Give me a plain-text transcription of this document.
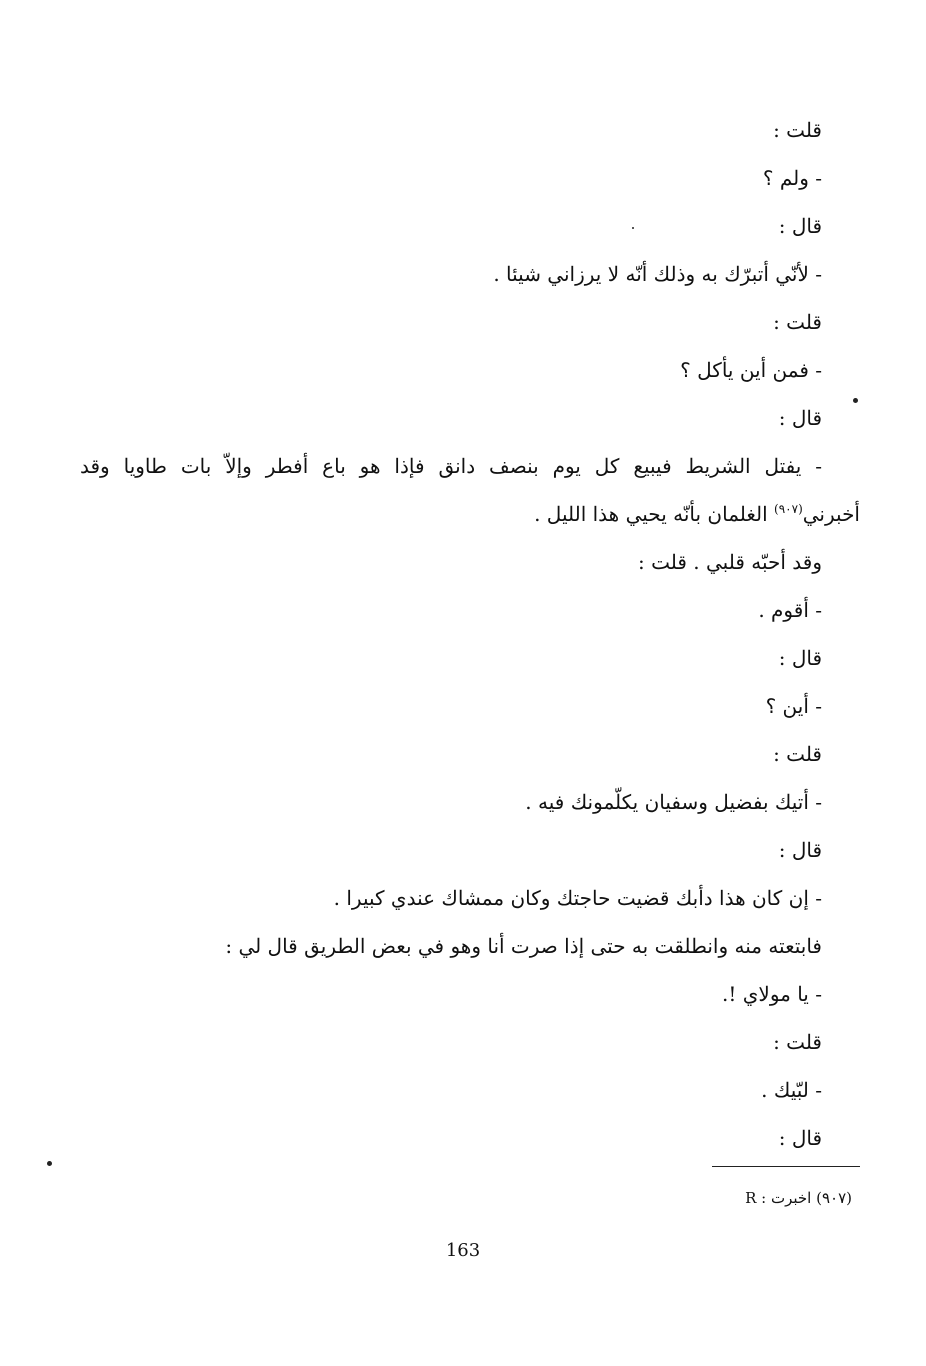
قلت :
- ولم ؟
قال :
- لأنّي أتبرّك به وذلك أنّه لا يرزاني شيئا .
قلت :
- فمن أين يأكل ؟
قال :
- يفتل الشريط فيبيع كل يوم بنصف دانق فإذا هو باع أفطر وإلاّ بات طاويا وقد
أخبرني$^{(٩٠٧)}$ الغلمان بأنّه يحيي هذا الليل .
وقد أحبّه قلبي . قلت :
- أقوم .
قال :
- أين ؟
قلت :
- أتيك بفضيل وسفيان يكلّمونك فيه .
قال :
- إن كان هذا دأبك قضيت حاجتك وكان ممشاك عندي كبيرا .
فابتعته منه وانطلقت به حتى إذا صرت أنا وهو في بعض الطريق قال لي :
- يا مولاي !.
قلت :
- لبّيك .
قال :
(٩٠٧) اخبرت : R
163
